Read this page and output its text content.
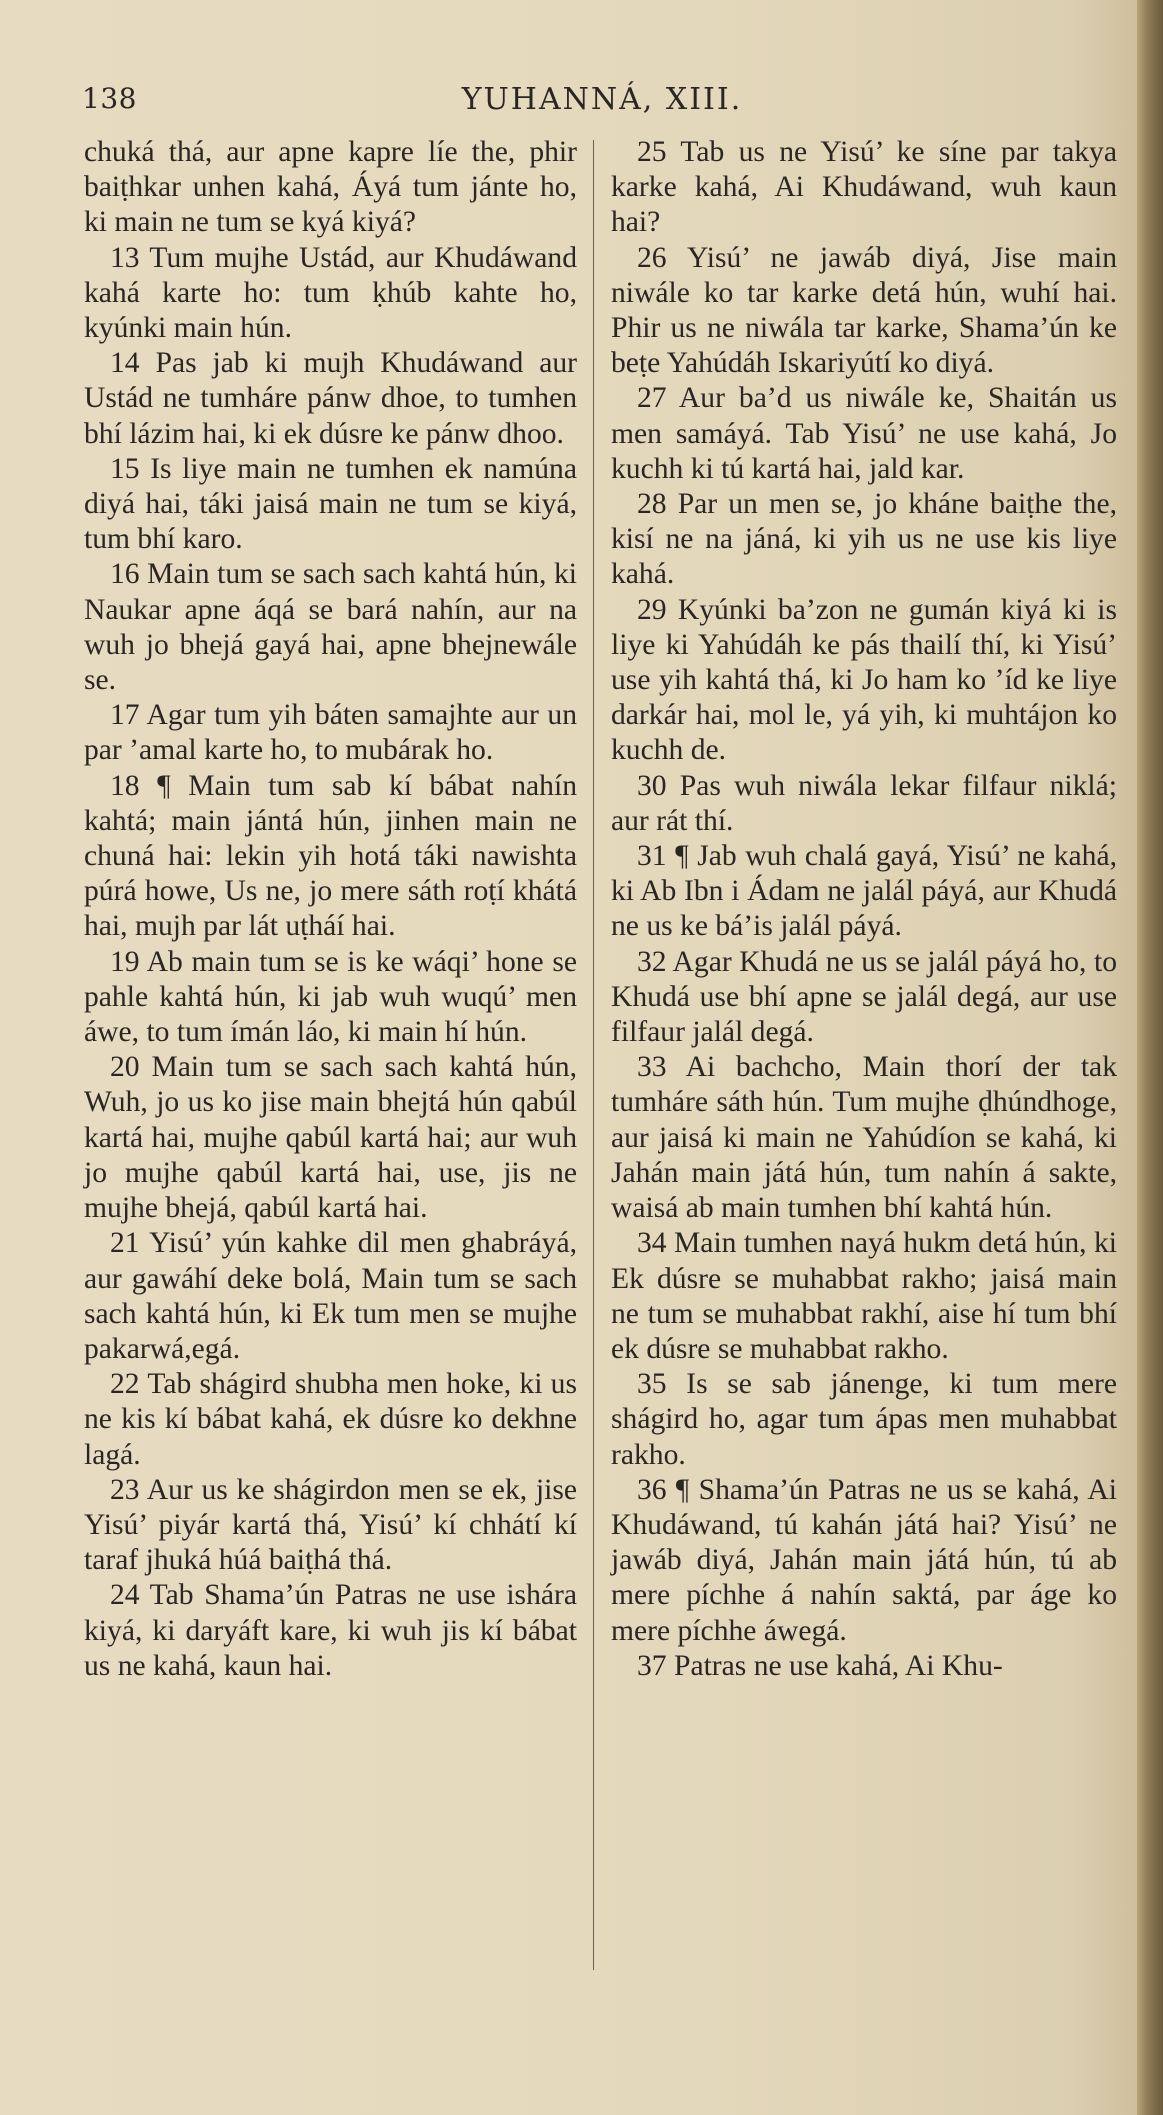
138	YUHANNÁ, XIII.

chuká thá, aur apne kapre líe the, phir baiṭhkar unhen kahá, Áyá tum jánte ho, ki main ne tum se kyá kiyá?

13 Tum mujhe Ustád, aur Khudáwand kahá karte ho: tum ḳhúb kahte ho, kyúnki main hún.

14 Pas jab ki mujh Khudáwand aur Ustád ne tumháre pánw dhoe, to tumhen bhí lázim hai, ki ek dúsre ke pánw dhoo.

15 Is liye main ne tumhen ek namúna diyá hai, táki jaisá main ne tum se kiyá, tum bhí karo.

16 Main tum se sach sach kahtá hún, ki Naukar apne áqá se bará nahín, aur na wuh jo bhejá gayá hai, apne bhejnewále se.

17 Agar tum yih báten samajhte aur un par ’amal karte ho, to mubárak ho.

18 ¶ Main tum sab kí bábat nahín kahtá; main jántá hún, jinhen main ne chuná hai: lekin yih hotá táki nawishta púrá howe, Us ne, jo mere sáth roṭí khátá hai, mujh par lát uṭháí hai.

19 Ab main tum se is ke wáqi’ hone se pahle kahtá hún, ki jab wuh wuqú’ men áwe, to tum ímán láo, ki main hí hún.

20 Main tum se sach sach kahtá hún, Wuh, jo us ko jise main bhejtá hún qabúl kartá hai, mujhe qabúl kartá hai; aur wuh jo mujhe qabúl kartá hai, use, jis ne mujhe bhejá, qabúl kartá hai.

21 Yisú’ yún kahke dil men ghabráyá, aur gawáhí deke bolá, Main tum se sach sach kahtá hún, ki Ek tum men se mujhe pakarwá,egá.

22 Tab shágird shubha men hoke, ki us ne kis kí bábat kahá, ek dúsre ko dekhne lagá.

23 Aur us ke shágirdon men se ek, jise Yisú’ piyár kartá thá, Yisú’ kí chhátí kí taraf jhuká húá baiṭhá thá.

24 Tab Shama’ún Patras ne use ishára kiyá, ki daryáft kare, ki wuh jis kí bábat us ne kahá, kaun hai.

25 Tab us ne Yisú’ ke síne par takya karke kahá, Ai Khudáwand, wuh kaun hai?

26 Yisú’ ne jawáb diyá, Jise main niwále ko tar karke detá hún, wuhí hai. Phir us ne niwála tar karke, Shama’ún ke beṭe Yahúdáh Iskariyútí ko diyá.

27 Aur ba’d us niwále ke, Shaitán us men samáyá. Tab Yisú’ ne use kahá, Jo kuchh ki tú kartá hai, jald kar.

28 Par un men se, jo kháne baiṭhe the, kisí ne na jáná, ki yih us ne use kis liye kahá.

29 Kyúnki ba’zon ne gumán kiyá ki is liye ki Yahúdáh ke pás thailí thí, ki Yisú’ use yih kahtá thá, ki Jo ham ko ’íd ke liye darkár hai, mol le, yá yih, ki muhtájon ko kuchh de.

30 Pas wuh niwála lekar filfaur niklá; aur rát thí.

31 ¶ Jab wuh chalá gayá, Yisú’ ne kahá, ki Ab Ibn i Ádam ne jalál páyá, aur Khudá ne us ke bá’is jalál páyá.

32 Agar Khudá ne us se jalál páyá ho, to Khudá use bhí apne se jalál degá, aur use filfaur jalál degá.

33 Ai bachcho, Main thorí der tak tumháre sáth hún. Tum mujhe ḍhúndhoge, aur jaisá ki main ne Yahúdíon se kahá, ki Jahán main játá hún, tum nahín á sakte, waisá ab main tumhen bhí kahtá hún.

34 Main tumhen nayá hukm detá hún, ki Ek dúsre se muhabbat rakho; jaisá main ne tum se muhabbat rakhí, aise hí tum bhí ek dúsre se muhabbat rakho.

35 Is se sab jánenge, ki tum mere shágird ho, agar tum ápas men muhabbat rakho.

36 ¶ Shama’ún Patras ne us se kahá, Ai Khudáwand, tú kahán játá hai? Yisú’ ne jawáb diyá, Jahán main játá hún, tú ab mere píchhe á nahín saktá, par áge ko mere píchhe áwegá.

37 Patras ne use kahá, Ai Khu-
